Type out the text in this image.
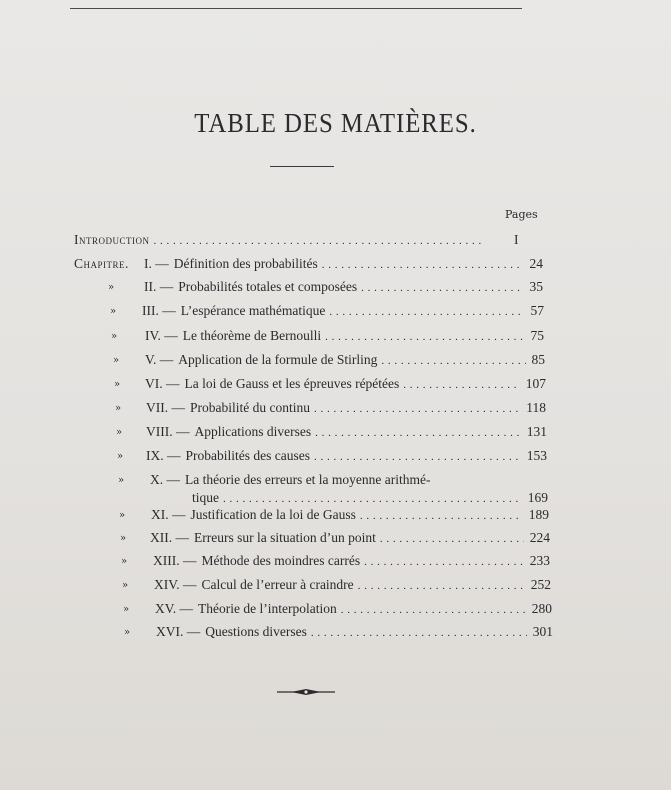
TABLE DES MATIÈRES.
Pages
Introduction . . .	I
Chapitre. I. — Définition des probabilités . . .	24
» II. — Probabilités totales et composées . . .	35
» III. — L’espérance mathématique . . .	57
» IV. — Le théorème de Bernoulli . . .	75
» V. — Application de la formule de Stirling . . .	85
» VI. — La loi de Gauss et les épreuves répétées . . .	107
» VII. — Probabilité du continu . . .	118
» VIII. — Applications diverses . . .	131
» IX. — Probabilités des causes . . .	153
» X. — La théorie des erreurs et la moyenne arithmé-
tique . . .	169
» XI. — Justification de la loi de Gauss . . .	189
» XII. — Erreurs sur la situation d’un point . . .	224
» XIII. — Méthode des moindres carrés . . .	233
» XIV. — Calcul de l’erreur à craindre . . .	252
» XV. — Théorie de l’interpolation . . .	280
» XVI. — Questions diverses . . .	301
